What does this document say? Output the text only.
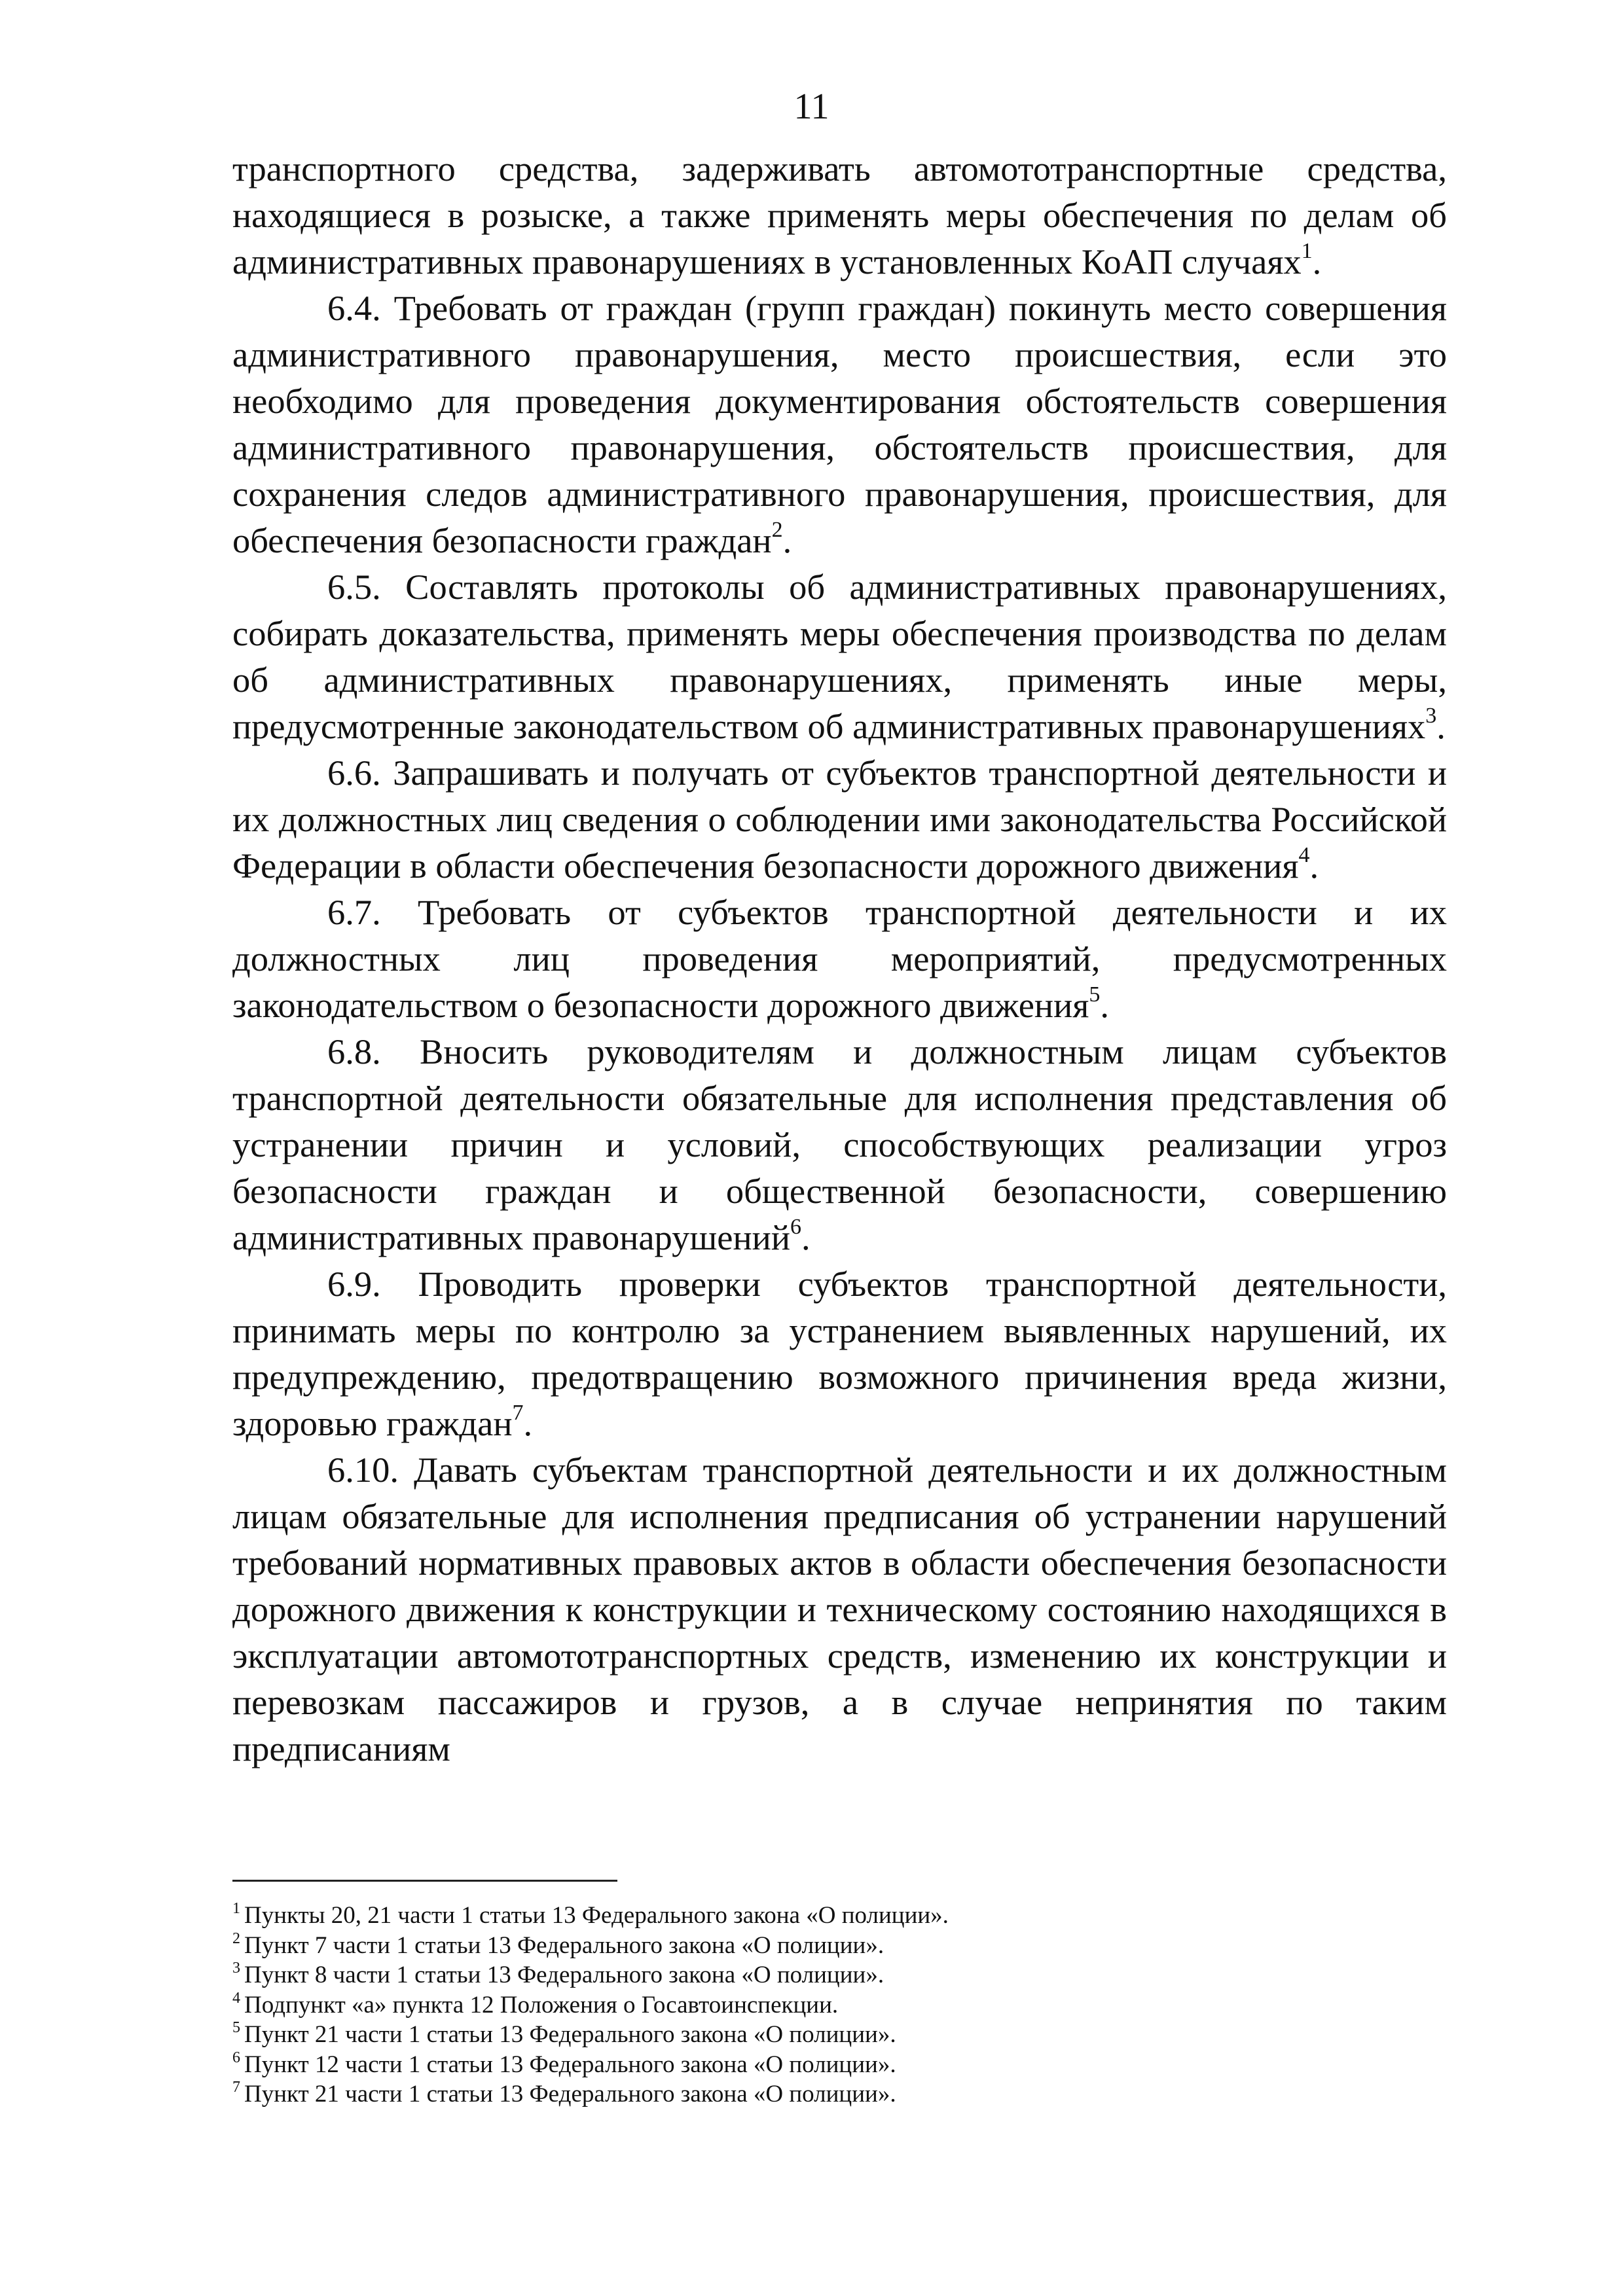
11

транспортного средства, задерживать автомототранспортные средства, находящиеся в розыске, а также применять меры обеспечения по делам об административных правонарушениях в установленных КоАП случаях$^1$.

6.4. Требовать от граждан (групп граждан) покинуть место совершения административного правонарушения, место происшествия, если это необходимо для проведения документирования обстоятельств совершения административного правонарушения, обстоятельств происшествия, для сохранения следов административного правонарушения, происшествия, для обеспечения безопасности граждан$^2$.

6.5. Составлять протоколы об административных правонарушениях, собирать доказательства, применять меры обеспечения производства по делам об административных правонарушениях, применять иные меры, предусмотренные законодательством об административных правонарушениях$^3$.

6.6. Запрашивать и получать от субъектов транспортной деятельности и их должностных лиц сведения о соблюдении ими законодательства Российской Федерации в области обеспечения безопасности дорожного движения$^4$.

6.7. Требовать от субъектов транспортной деятельности и их должностных лиц проведения мероприятий, предусмотренных законодательством о безопасности дорожного движения$^5$.

6.8. Вносить руководителям и должностным лицам субъектов транспортной деятельности обязательные для исполнения представления об устранении причин и условий, способствующих реализации угроз безопасности граждан и общественной безопасности, совершению административных правонарушений$^6$.

6.9. Проводить проверки субъектов транспортной деятельности, принимать меры по контролю за устранением выявленных нарушений, их предупреждению, предотвращению возможного причинения вреда жизни, здоровью граждан$^7$.

6.10. Давать субъектам транспортной деятельности и их должностным лицам обязательные для исполнения предписания об устранении нарушений требований нормативных правовых актов в области обеспечения безопасности дорожного движения к конструкции и техническому состоянию находящихся в эксплуатации автомототранспортных средств, изменению их конструкции и перевозкам пассажиров и грузов, а в случае непринятия по таким предписаниям

$^1$ Пункты 20, 21 части 1 статьи 13 Федерального закона «О полиции».

$^2$ Пункт 7 части 1 статьи 13 Федерального закона «О полиции».

$^3$ Пункт 8 части 1 статьи 13 Федерального закона «О полиции».

$^4$ Подпункт «а» пункта 12 Положения о Госавтоинспекции.

$^5$ Пункт 21 части 1 статьи 13 Федерального закона «О полиции».

$^6$ Пункт 12 части 1 статьи 13 Федерального закона «О полиции».

$^7$ Пункт 21 части 1 статьи 13 Федерального закона «О полиции».
